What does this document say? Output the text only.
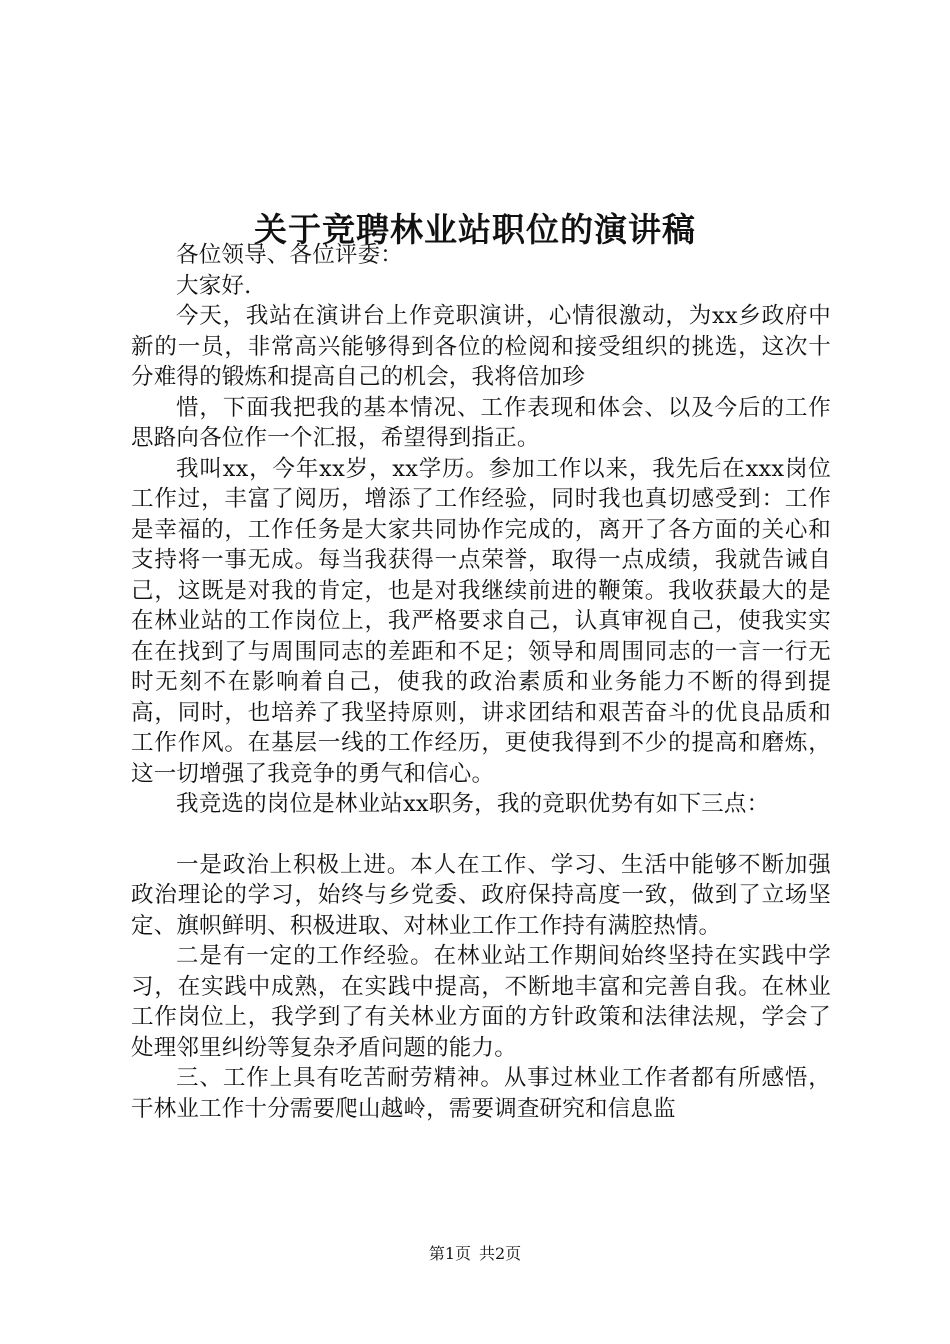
关于竞聘林业站职位的演讲稿

各位领导、各位评委：

大家好.

今天，我站在演讲台上作竞职演讲，心情很激动，为xx乡政府中新的一员，非常高兴能够得到各位的检阅和接受组织的挑选，这次十分难得的锻炼和提高自己的机会，我将倍加珍

惜，下面我把我的基本情况、工作表现和体会、以及今后的工作思路向各位作一个汇报，希望得到指正。

我叫xx，今年xx岁，xx学历。参加工作以来，我先后在xxx岗位工作过，丰富了阅历，增添了工作经验，同时我也真切感受到：工作是幸福的，工作任务是大家共同协作完成的，离开了各方面的关心和支持将一事无成。每当我获得一点荣誉，取得一点成绩，我就告诫自己，这既是对我的肯定，也是对我继续前进的鞭策。我收获最大的是在林业站的工作岗位上，我严格要求自己，认真审视自己，使我实实在在找到了与周围同志的差距和不足；领导和周围同志的一言一行无时无刻不在影响着自己，使我的政治素质和业务能力不断的得到提高，同时，也培养了我坚持原则，讲求团结和艰苦奋斗的优良品质和工作作风。在基层一线的工作经历，更使我得到不少的提高和磨炼，这一切增强了我竞争的勇气和信心。

我竞选的岗位是林业站xx职务，我的竞职优势有如下三点：

一是政治上积极上进。本人在工作、学习、生活中能够不断加强政治理论的学习，始终与乡党委、政府保持高度一致，做到了立场坚定、旗帜鲜明、积极进取、对林业工作工作持有满腔热情。

二是有一定的工作经验。在林业站工作期间始终坚持在实践中学习，在实践中成熟，在实践中提高，不断地丰富和完善自我。在林业工作岗位上，我学到了有关林业方面的方针政策和法律法规，学会了处理邻里纠纷等复杂矛盾问题的能力。

三、工作上具有吃苦耐劳精神。从事过林业工作者都有所感悟，干林业工作十分需要爬山越岭，需要调查研究和信息监

第1页 共2页
